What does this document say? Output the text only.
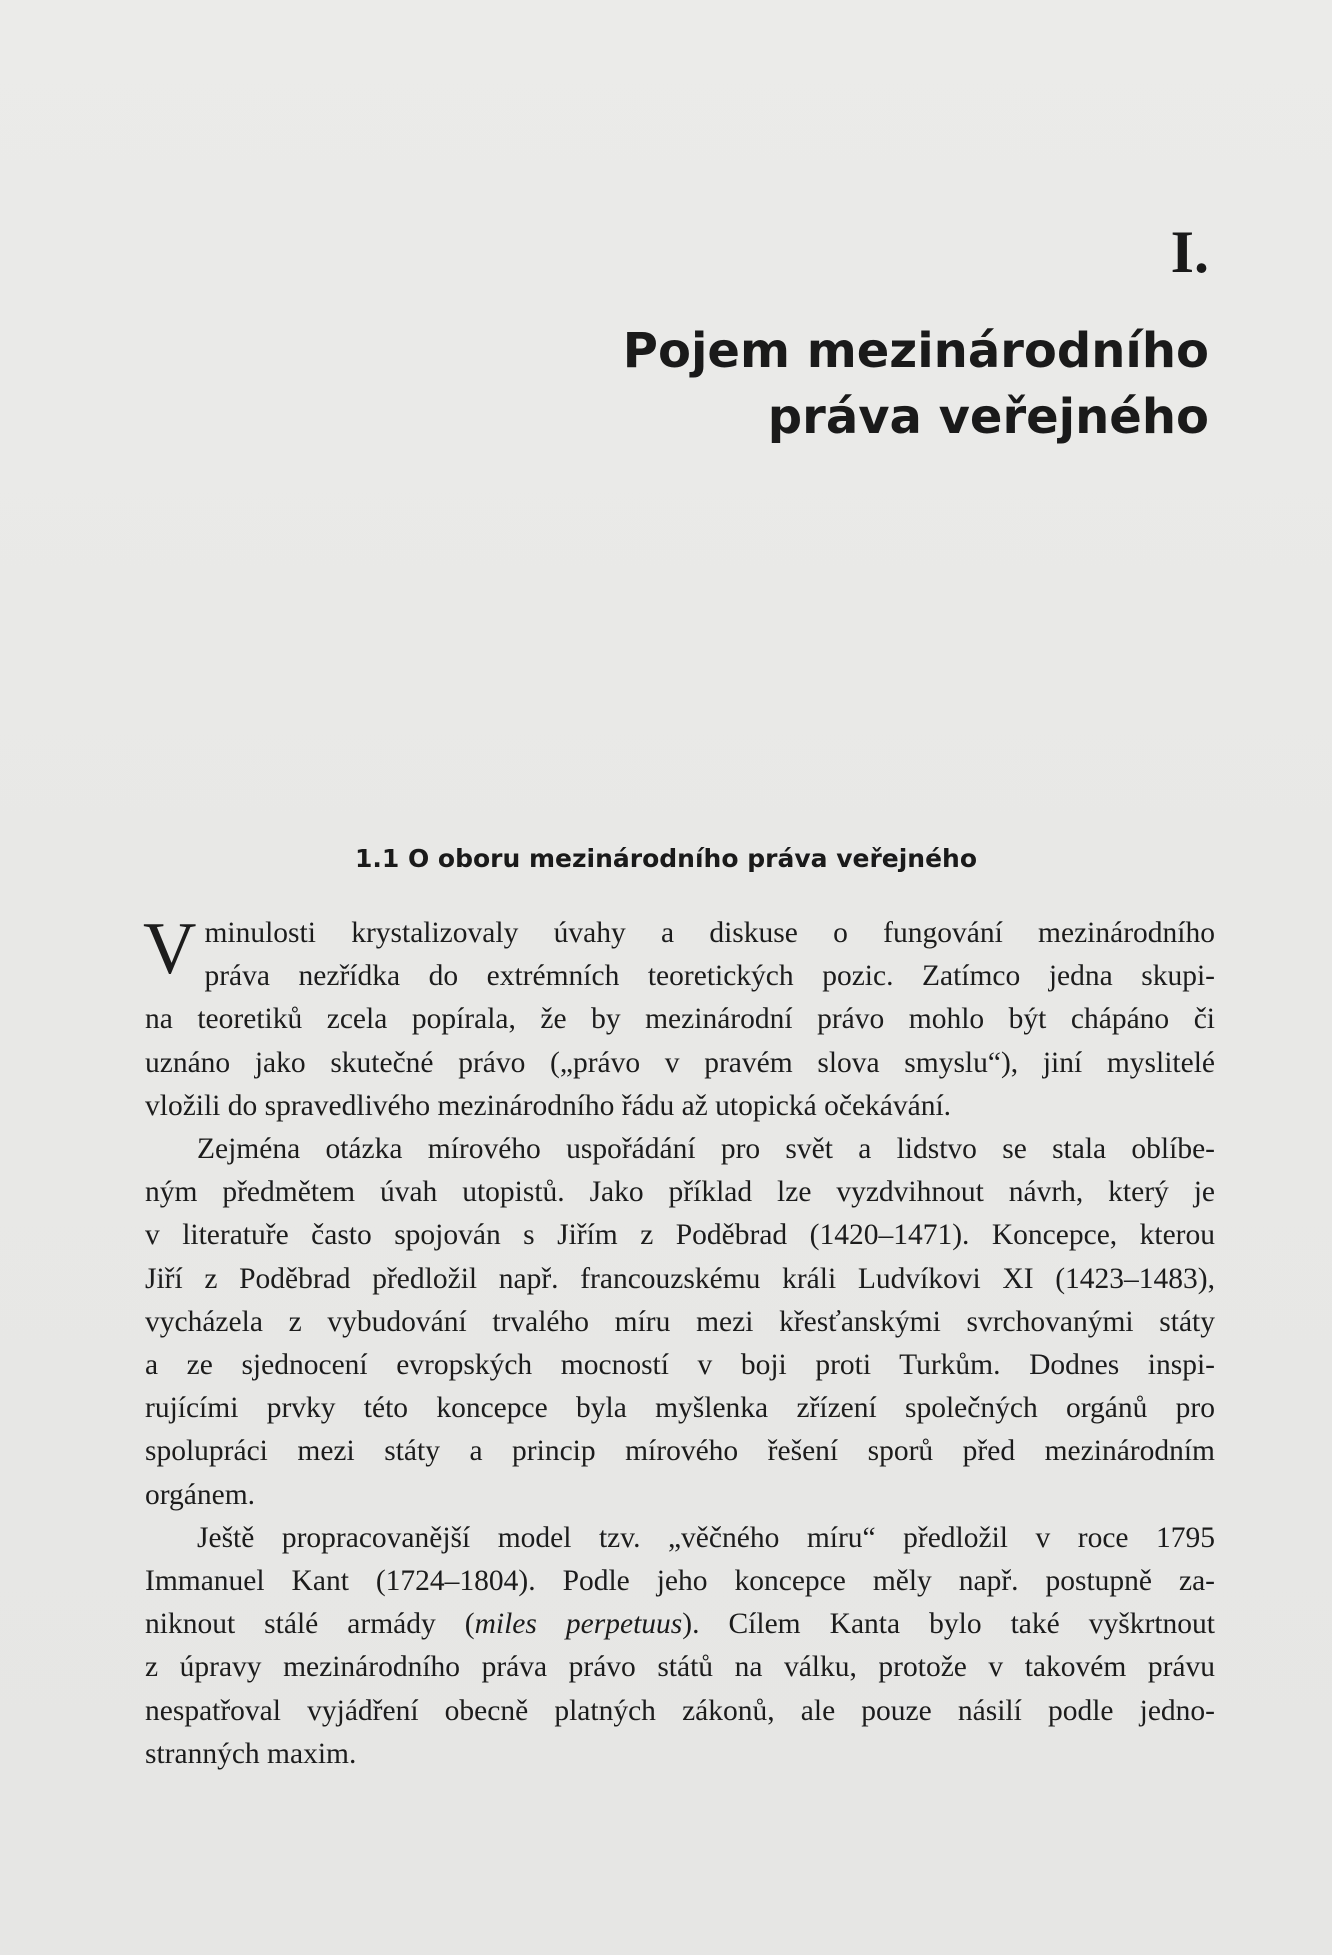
I.
Pojem mezinárodního
práva veřejného
1.1 O oboru mezinárodního práva veřejného

V minulosti krystalizovaly úvahy a diskuse o fungování mezinárodního
práva nezřídka do extrémních teoretických pozic. Zatímco jedna skupi-
na teoretiků zcela popírala, že by mezinárodní právo mohlo být chápáno či
uznáno jako skutečné právo („právo v pravém slova smyslu“), jiní myslitelé
vložili do spravedlivého mezinárodního řádu až utopická očekávání.

Zejména otázka mírového uspořádání pro svět a lidstvo se stala oblíbe-
ným předmětem úvah utopistů. Jako příklad lze vyzdvihnout návrh, který je
v literatuře často spojován s Jiřím z Poděbrad (1420–1471). Koncepce, kterou
Jiří z Poděbrad předložil např. francouzskému králi Ludvíkovi XI (1423–1483),
vycházela z vybudování trvalého míru mezi křesťanskými svrchovanými státy
a ze sjednocení evropských mocností v boji proti Turkům. Dodnes inspi-
rujícími prvky této koncepce byla myšlenka zřízení společných orgánů pro
spolupráci mezi státy a princip mírového řešení sporů před mezinárodním
orgánem.

Ještě propracovanější model tzv. „věčného míru“ předložil v roce 1795
Immanuel Kant (1724–1804). Podle jeho koncepce měly např. postupně za-
niknout stálé armády (miles perpetuus). Cílem Kanta bylo také vyškrtnout
z úpravy mezinárodního práva právo států na válku, protože v takovém právu
nespatřoval vyjádření obecně platných zákonů, ale pouze násilí podle jedno-
stranných maxim.
